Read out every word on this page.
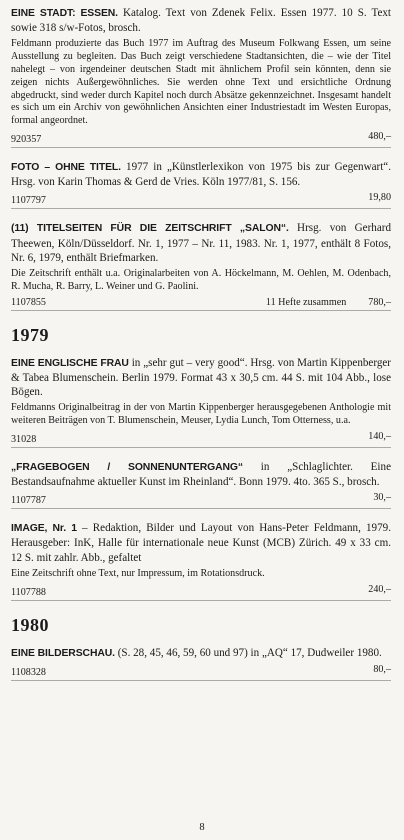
EINE STADT: ESSEN. Katalog. Text von Zdenek Felix. Essen 1977. 10 S. Text sowie 318 s/w-Fotos, brosch.
Feldmann produzierte das Buch 1977 im Auftrag des Museum Folkwang Essen, um seine Ausstellung zu begleiten. Das Buch zeigt verschiedene Stadtansichten, die – wie der Titel nahelegt – von irgendeiner deutschen Stadt mit ähnlichem Profil sein könnten, denn sie zeigen nichts Außergewöhnliches. Sie werden ohne Text und ersichtliche Ordnung abgedruckt, sind weder durch Kapitel noch durch Absätze gekennzeichnet. Insgesamt handelt es sich um ein Archiv von gewöhnlichen Ansichten einer Industriestadt im Westen Europas, formal angeordnet.
920357	480,–
FOTO – OHNE TITEL. 1977 in „Künstlerlexikon von 1975 bis zur Gegenwart“. Hrsg. von Karin Thomas & Gerd de Vries. Köln 1977/81, S. 156.
1107797	19,80
(11) TITELSEITEN FÜR DIE ZEITSCHRIFT „SALON“. Hrsg. von Gerhard Theewen, Köln/Düsseldorf. Nr. 1, 1977 – Nr. 11, 1983. Nr. 1, 1977, enthält 8 Fotos, Nr. 6, 1979, enthält Briefmarken.
Die Zeitschrift enthält u.a. Originalarbeiten von A. Höckelmann, M. Oehlen, M. Odenbach, R. Mucha, R. Barry, L. Weiner und G. Paolini.
1107855	11 Hefte zusammen 780,–
1979
EINE ENGLISCHE FRAU in „sehr gut – very good“. Hrsg. von Martin Kippenberger & Tabea Blumenschein. Berlin 1979. Format 43 x 30,5 cm. 44 S. mit 104 Abb., lose Bögen.
Feldmanns Originalbeitrag in der von Martin Kippenberger herausgegebenen Anthologie mit weiteren Beiträgen von T. Blumenschein, Meuser, Lydia Lunch, Tom Otterness, u.a.
31028	140,–
„FRAGEBOGEN / SONNENUNTERGANG“ in „Schlaglichter. Eine Bestandsaufnahme aktueller Kunst im Rheinland“. Bonn 1979. 4to. 365 S., brosch.
1107787	30,–
IMAGE, Nr. 1 – Redaktion, Bilder und Layout von Hans-Peter Feldmann, 1979. Herausgeber: InK, Halle für internationale neue Kunst (MCB) Zürich. 49 x 33 cm. 12 S. mit zahlr. Abb., gefaltet
Eine Zeitschrift ohne Text, nur Impressum, im Rotationsdruck.
1107788	240,–
1980
EINE BILDERSCHAU. (S. 28, 45, 46, 59, 60 und 97) in „AQ“ 17, Dudweiler 1980.
1108328	80,–
8
